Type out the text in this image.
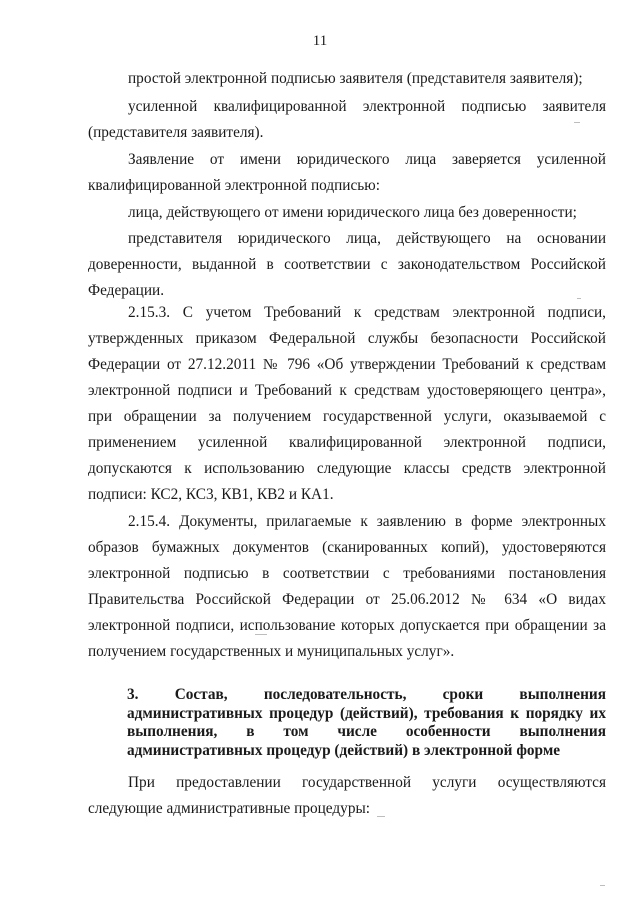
11

простой электронной подписью заявителя (представителя заявителя);

усиленной квалифицированной электронной подписью заявителя (представителя заявителя).

Заявление от имени юридического лица заверяется усиленной квалифицированной электронной подписью:

лица, действующего от имени юридического лица без доверенности;

представителя юридического лица, действующего на основании доверенности, выданной в соответствии с законодательством Российской Федерации.

2.15.3. С учетом Требований к средствам электронной подписи, утвержденных приказом Федеральной службы безопасности Российской Федерации от 27.12.2011 № 796 «Об утверждении Требований к средствам электронной подписи и Требований к средствам удостоверяющего центра», при обращении за получением государственной услуги, оказываемой с применением усиленной квалифицированной электронной подписи, допускаются к использованию следующие классы средств электронной подписи: КС2, КС3, КВ1, КВ2 и КА1.

2.15.4. Документы, прилагаемые к заявлению в форме электронных образов бумажных документов (сканированных копий), удостоверяются электронной подписью в соответствии с требованиями постановления Правительства Российской Федерации от 25.06.2012 № 634 «О видах электронной подписи, использование которых допускается при обращении за получением государственных и муниципальных услуг».

3. Состав, последовательность, сроки выполнения административных процедур (действий), требования к порядку их выполнения, в том числе особенности выполнения административных процедур (действий) в электронной форме

При предоставлении государственной услуги осуществляются следующие административные процедуры:
